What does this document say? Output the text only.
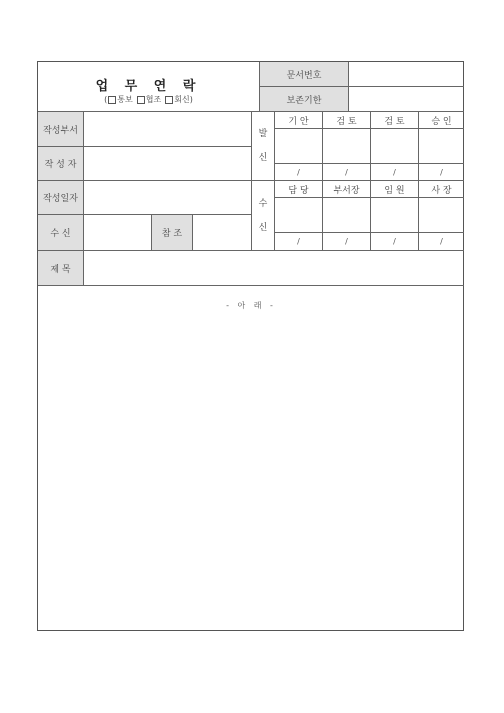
업 무 연 락
( 통보 협조 회신 )
문서번호
보존기한
작성부서
작 성 자
작성일자
수 신	참 조
발
신
수
신
기 안	검 토	검 토	승 인
/	/	/	/
담 당	부서장	임 원	사 장
/	/	/	/
제 목
- 아 래 -
